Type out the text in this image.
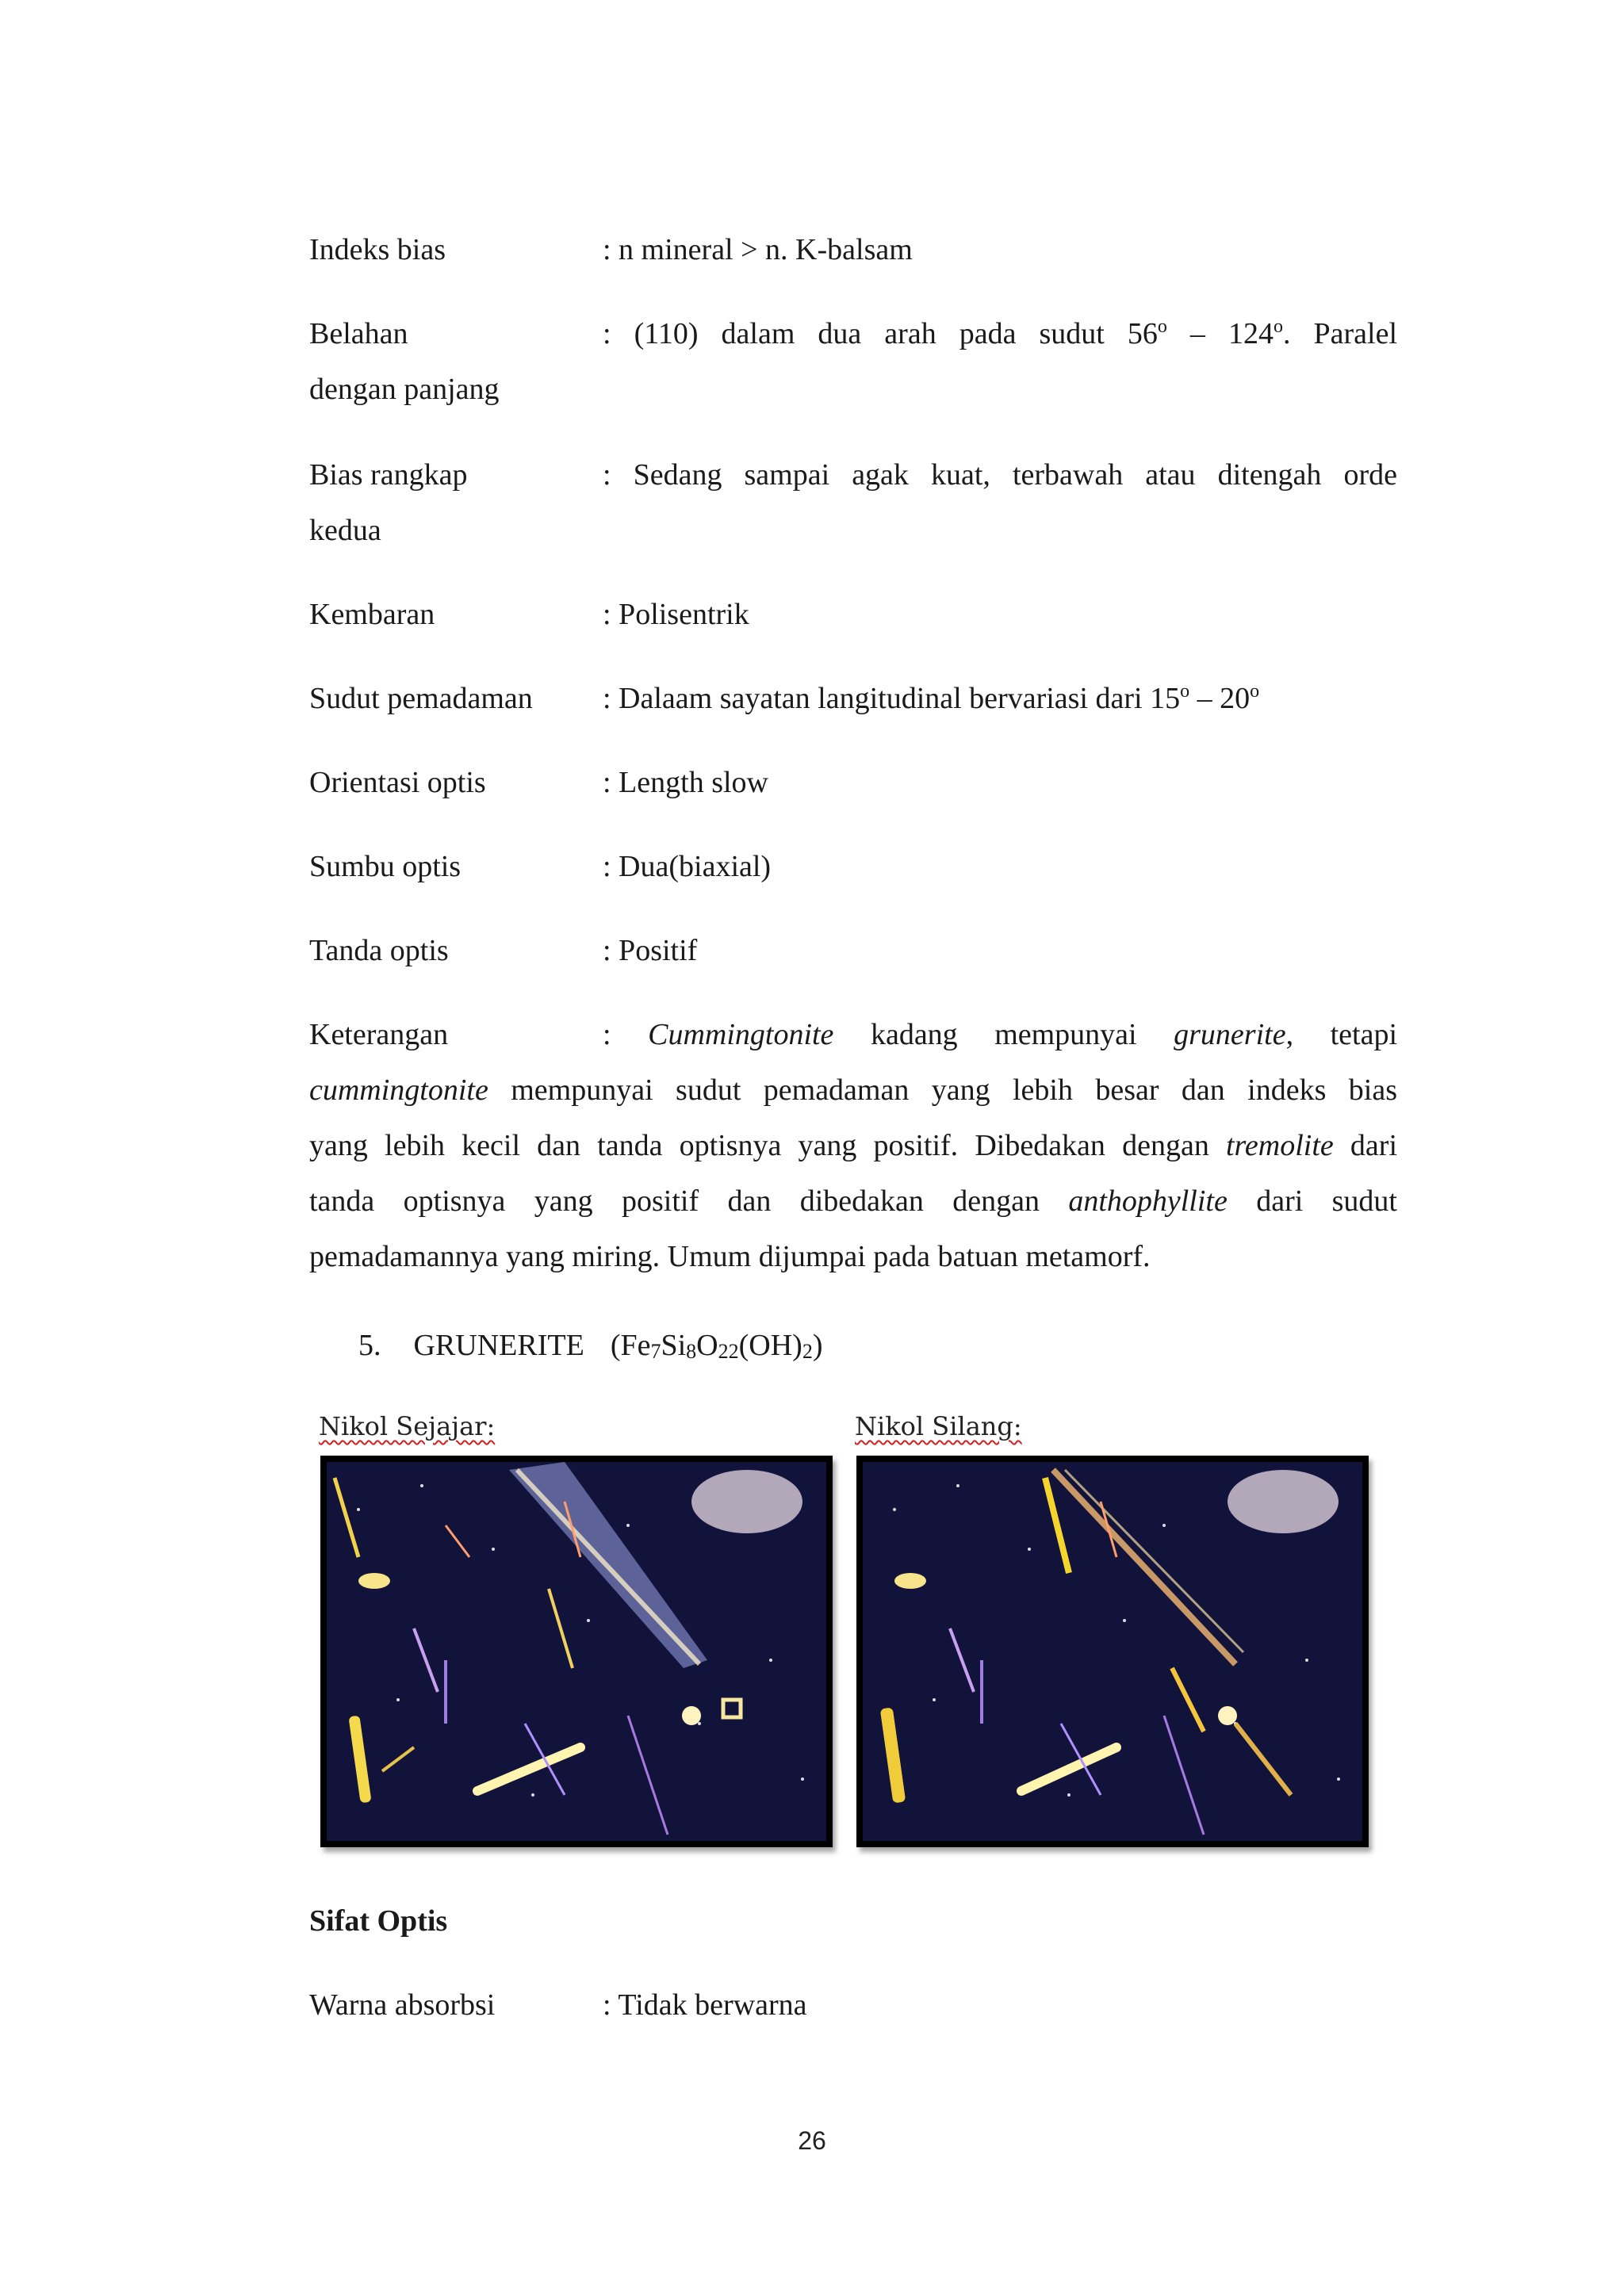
Indeks bias	: n mineral > n. K-balsam
Belahan	: (110) dalam dua arah pada sudut 56$^o$ – 124$^o$. Paralel
dengan panjang
Bias rangkap	: Sedang sampai agak kuat, terbawah atau ditengah orde
kedua
Kembaran	: Polisentrik
Sudut pemadaman : Dalaam sayatan langitudinal bervariasi dari 15$^o$ – 20$^o$
Orientasi optis	: Length slow
Sumbu optis	: Dua(biaxial)
Tanda optis	: Positif
Keterangan	: Cummingtonite kadang mempunyai grunerite, tetapi
cummingtonite mempunyai sudut pemadaman yang lebih besar dan indeks bias
yang lebih kecil dan tanda optisnya yang positif. Dibedakan dengan tremolite dari
tanda optisnya yang positif dan dibedakan dengan anthophyllite dari sudut
pemadamannya yang miring. Umum dijumpai pada batuan metamorf.
5. GRUNERITE $(Fe_7Si_8O_{22}(OH)_2)$
Nikol Sejajar:	Nikol Silang:
Sifat Optis
Warna absorbsi	: Tidak berwarna
26
